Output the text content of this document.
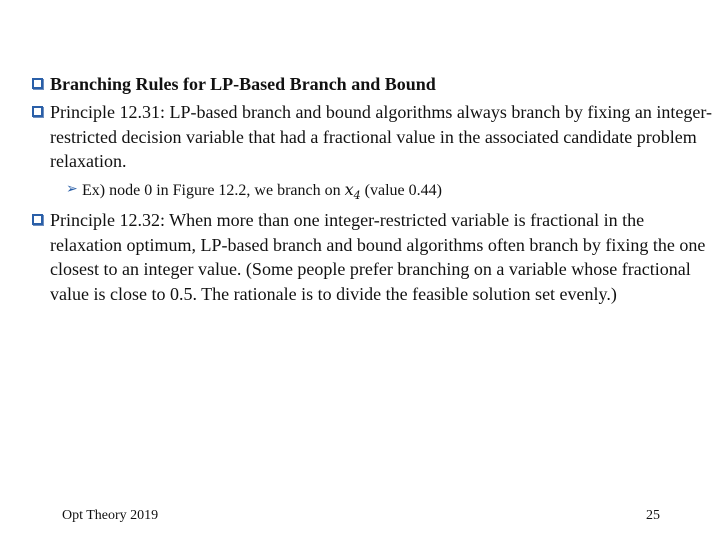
Branching Rules for LP-Based Branch and Bound
Principle 12.31: LP-based branch and bound algorithms always branch by fixing an integer-restricted decision variable that had a fractional value in the associated candidate problem relaxation.
➢ Ex) node 0 in Figure 12.2, we branch on $x_4$ (value 0.44)
Principle 12.32: When more than one integer-restricted variable is fractional in the relaxation optimum, LP-based branch and bound algorithms often branch by fixing the one closest to an integer value. (Some people prefer branching on a variable whose fractional value is close to 0.5. The rationale is to divide the feasible solution set evenly.)
Opt Theory 2019	25
